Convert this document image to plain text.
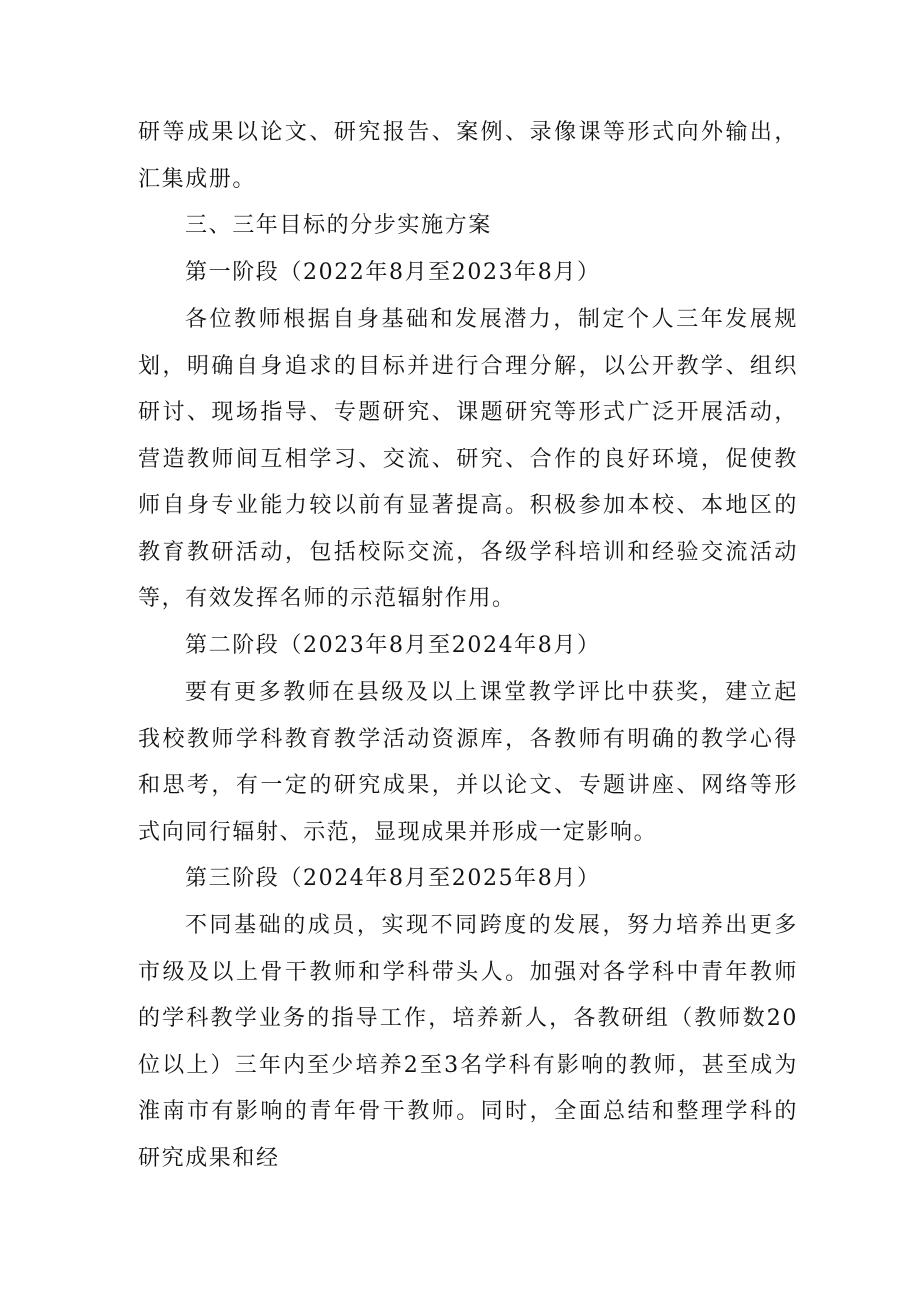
研等成果以论文、研究报告、案例、录像课等形式向外输出，汇集成册。

三、三年目标的分步实施方案

第一阶段（2022年8月至2023年8月）

各位教师根据自身基础和发展潜力，制定个人三年发展规划，明确自身追求的目标并进行合理分解，以公开教学、组织研讨、现场指导、专题研究、课题研究等形式广泛开展活动，营造教师间互相学习、交流、研究、合作的良好环境，促使教师自身专业能力较以前有显著提高。积极参加本校、本地区的教育教研活动，包括校际交流，各级学科培训和经验交流活动等，有效发挥名师的示范辐射作用。

第二阶段（2023年8月至2024年8月）

要有更多教师在县级及以上课堂教学评比中获奖，建立起我校教师学科教育教学活动资源库，各教师有明确的教学心得和思考，有一定的研究成果，并以论文、专题讲座、网络等形式向同行辐射、示范，显现成果并形成一定影响。

第三阶段（2024年8月至2025年8月）

不同基础的成员，实现不同跨度的发展，努力培养出更多市级及以上骨干教师和学科带头人。加强对各学科中青年教师的学科教学业务的指导工作，培养新人，各教研组（教师数20位以上）三年内至少培养2至3名学科有影响的教师，甚至成为淮南市有影响的青年骨干教师。同时，全面总结和整理学科的研究成果和经
